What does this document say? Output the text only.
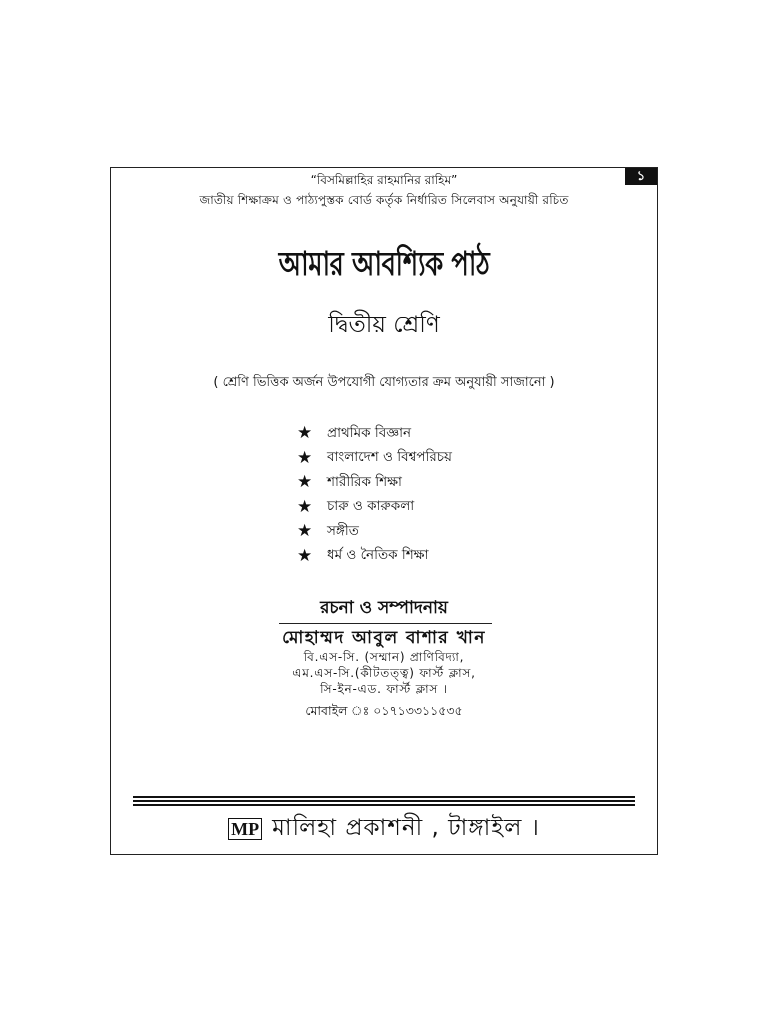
১
“বিসমিল্লাহির রাহমানির রাহিম”
জাতীয় শিক্ষাক্রম ও পাঠ্যপুস্তক বোর্ড কর্তৃক নির্ধারিত সিলেবাস অনুযায়ী রচিত
আমার আবশ্যিক পাঠ
দ্বিতীয় শ্রেণি
( শ্রেণি ভিত্তিক অর্জন উপযোগী যোগ্যতার ক্রম অনুযায়ী সাজানো )
★	প্রাথমিক বিজ্ঞান
★	বাংলাদেশ ও বিশ্বপরিচয়
★	শারীরিক শিক্ষা
★	চারু ও কারুকলা
★	সঙ্গীত
★	ধর্ম ও নৈতিক শিক্ষা
রচনা ও সম্পাদনায়
মোহাম্মদ আবুল বাশার খান
বি.এস-সি. (সম্মান) প্রাণিবিদ্যা,
এম.এস-সি.(কীটতত্ত্ব) ফার্স্ট ক্লাস,
সি-ইন-এড. ফার্স্ট ক্লাস ।
মোবাইল ঃ ০১৭১৩৩১১৫৩৫
MP মালিহা প্রকাশনী , টাঙ্গাইল ।
